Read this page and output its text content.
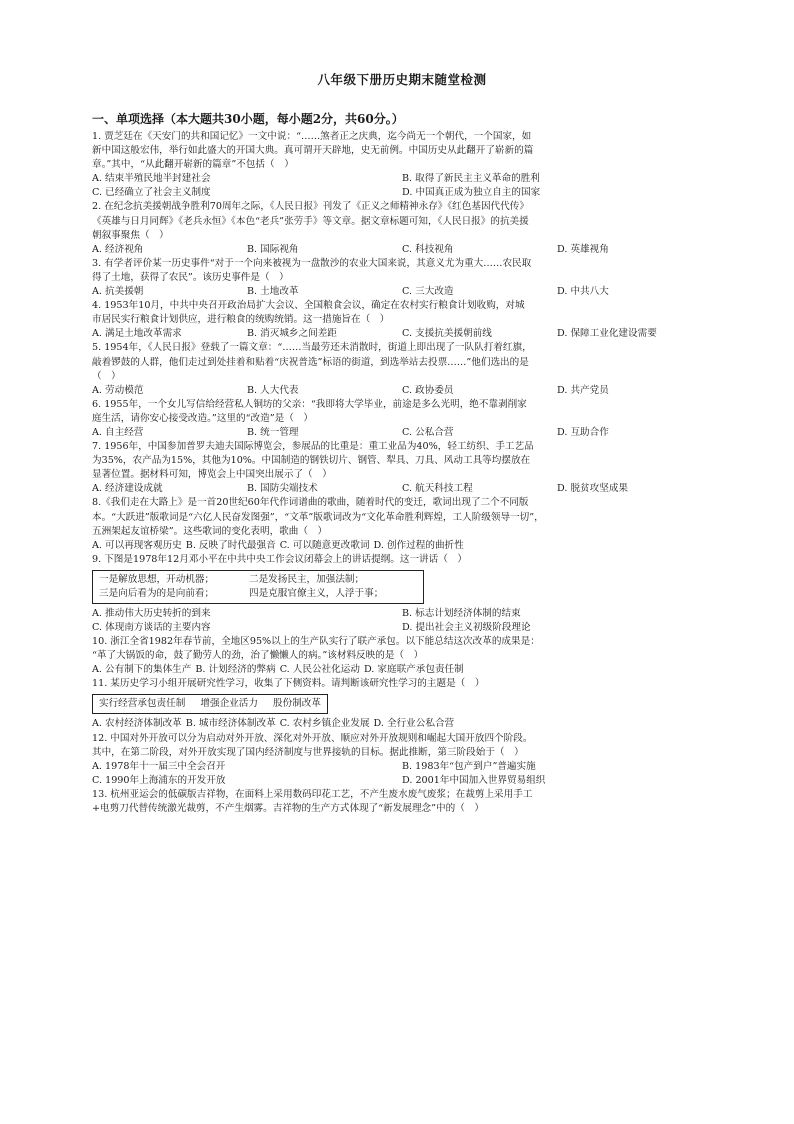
八年级下册历史期末随堂检测
一、单项选择（本大题共30小题，每小题2分，共60分。）
1. 贾芝廷在《天安门的共和国记忆》一文中说：“……煞者正之庆典，迄今尚无一个朝代，一个国家，如
新中国这般宏伟，举行如此盛大的开国大典。真可谓开天辟地，史无前例。中国历史从此翻开了崭新的篇
章。”其中，“从此翻开崭新的篇章”不包括（　）
A. 结束半殖民地半封建社会	B. 取得了新民主主义革命的胜利
C. 已经确立了社会主义制度	D. 中国真正成为独立自主的国家
2. 在纪念抗美援朝战争胜利70周年之际，《人民日报》刊发了《正义之师精神永存》《红色基因代代传》
《英雄与日月同辉》《老兵永恒》《本色“老兵”张劳手》等文章。据文章标题可知，《人民日报》的抗美援
朝叙事聚焦（　）
A. 经济视角	B. 国际视角	C. 科技视角	D. 英雄视角
3. 有学者评价某一历史事件“对于一个向来被视为一盘散沙的农业大国来说，其意义尤为重大……农民取
得了土地，获得了农民”。该历史事件是（　）
A. 抗美援朝	B. 土地改革	C. 三大改造	D. 中共八大
4. 1953年10月，中共中央召开政治局扩大会议、全国粮食会议，确定在农村实行粮食计划收购，对城
市居民实行粮食计划供应，进行粮食的统购统销。这一措施旨在（　）
A. 满足土地改革需求	B. 消灭城乡之间差距	C. 支援抗美援朝前线	D. 保障工业化建设需要
5. 1954年，《人民日报》登载了一篇文章：“……当最劳还未消散时，街道上即出现了一队队打着红旗，
敲着锣鼓的人群，他们走过到处挂着和贴着“庆祝普选”标语的街道，到选举站去投票……”他们选出的是
（　）
A. 劳动模范	B. 人大代表	C. 政协委员	D. 共产党员
6. 1955年，一个女儿写信给经营私人铜坊的父亲：“我即将大学毕业，前途是多么光明，绝不靠剥削家
庭生活，请你安心接受改造。”这里的“改造”是（　）
A. 自主经营	B. 统一管理	C. 公私合营	D. 互助合作
7. 1956年，中国参加普罗夫迪夫国际博览会，参展品的比重是：重工业品为40%，轻工纺织、手工艺品
为35%，农产品为15%，其他为10%。中国制造的钢铁切片、钢管、犁具、刀具、风动工具等均摆放在
显著位置。据材料可知，博览会上中国突出展示了（　）
A. 经济建设成就	B. 国防尖端技术	C. 航天科技工程	D. 脱贫攻坚成果
8.《我们走在大路上》是一首20世纪60年代作词谱曲的歌曲，随着时代的变迁，歌词出现了二个不同版
本。“大跃进”版歌词是“六亿人民奋发图强”，“文革”版歌词改为“文化革命胜利辉煌，工人阶级领导一切”，
五洲架起友谊桥梁”。这些歌词的变化表明，歌曲（　）
A. 可以再现客观历史 B. 反映了时代最强音 C. 可以随意更改歌词 D. 创作过程的曲折性
9. 下图是1978年12月邓小平在中共中央工作会议闭幕会上的讲话提纲。这一讲话（　）
一是解放思想，开动机器；	二是发扬民主，加强法制；
三是向后看为的是向前看；	四是克服官僚主义，人浮于事；
A. 推动伟大历史转折的到来	B. 标志计划经济体制的结束
C. 体现南方谈话的主要内容	D. 提出社会主义初级阶段理论
10. 浙江全省1982年春节前，全地区95%以上的生产队实行了联产承包。以下能总结这次改革的成果是：
“革了大锅饭的命，鼓了勤劳人的劲，治了懒懒人的病。”该材料反映的是（　）
A. 公有制下的集体生产 B. 计划经济的弊病 C. 人民公社化运动 D. 家庭联产承包责任制
11. 某历史学习小组开展研究性学习，收集了下侧资料。请判断该研究性学习的主题是（　）
实行经营承包责任制 增强企业活力 股份制改革
A. 农村经济体制改革 B. 城市经济体制改革 C. 农村乡镇企业发展 D. 全行业公私合营
12. 中国对外开放可以分为启动对外开放、深化对外开放、顺应对外开放规则和崛起大国开放四个阶段。
其中，在第二阶段，对外开放实现了国内经济制度与世界接轨的目标。据此推断，第三阶段始于（　）
A. 1978年十一届三中全会召开	B. 1983年“包产到户”普遍实施
C. 1990年上海浦东的开发开放	D. 2001年中国加入世界贸易组织
13. 杭州亚运会的低碳版吉祥物，在面料上采用数码印花工艺，不产生废水废气废浆；在裁剪上采用手工
+电剪刀代替传统激光裁剪，不产生烟雾。吉祥物的生产方式体现了“新发展理念”中的（　）
